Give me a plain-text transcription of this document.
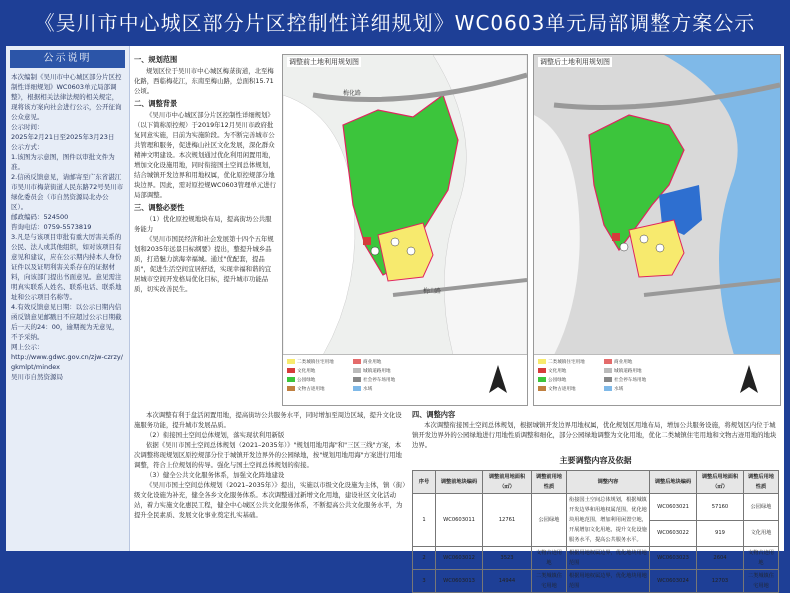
《吴川市中心城区部分片区控制性详细规划》WC0603单元局部调整方案公示
公示说明

本次编制《吴川市中心城区部分片区控制性详细规划》WC0603单元局部调整》，根据相关法律法规的相关规定，现将该方案向社会进行公示，公开征询公众意见。

公示时间：

2025年2月21日至2025年3月23日

公示方式：

1.该图为示意图，图件以审批文件为准。

2.信函反馈意见，请邮寄至广东省湛江市吴川市梅菉街道人民东路72号吴川市绿化委员会（市自然资源局北办公区）。

邮政编码：524500

咨询电话：0759-5573819

3.凡是与该项目审批有重大厉害关系的公民、法人或其他组织，如对该项目有意见和建议，应在公示期内持本人身份证件以及证明利害关系存在的证据材料，向该部门提出书面意见。意见需注明真实联系人姓名、联系电话、联系地址和公示项目名称等。

4.有效反馈意见日期：以公示日期内信函反馈意见邮戳日不应超过公示日期截后一天的24：00，逾期视为无意见，不予采纳。

网上公示：

http://www.gdwc.gov.cn/zjw-czrzy/gkmlpt/mindex

吴川市自然资源局

一、规划范围

规划区位于吴川市中心城区梅菉街道，北至梅化路，西临梅花江，东南至梅山路，总面积15.71公顷。

二、调整背景

《吴川市中心城区部分片区控制性详细规划》（以下简称原控规）于2019年12月吴川市政府批复同意实施，目前为实施阶段。为不断完善城市公共管理和服务，促进梅山社区文化发展，深化群众精神文明建设。本次规划通过优化利用闲置用地，增加文化设施用地，同时衔接国土空间总体规划，结合城镇开发边界和用地权属，优化原控规部分地块边界。因此，需对原控规WC0603管理单元进行局部调整。

三、调整必要性

（1）优化原控规地块布局，提高街坊公共服务能力

《吴川市国民经济和社会发展第十四个五年规划和2035年远景目标纲要》提出，整提升城乡品质，打造魅力滨海幸福城。通过"优配套，提品质"，促进生活空间宜居舒适，实现幸福和谐的宜居城市空间开发格局优化目标，提升城市功能品质，切实改善民生。

调整前土地利用规划图
梅化路
梅山路
二类城镇住宅用地
文化用地
公园绿地
文物古迹用地
商业用地
城镇道路用地
社会停车场用地
水域
调整后土地利用规划图
二类城镇住宅用地
文化用地
公园绿地
文物古迹用地
商业用地
城镇道路用地
社会停车场用地
水域

本次调整有利于盘活闲置用地，提高街坊公共服务水平，同时增加至周边区域，提升文化设施服务功能，提升城市发展品质。

（2）衔接国土空间总体规划，落实现状利用新版

依据《吴川市国土空间总体规划（2021–2035年）》"规划用地用海"和"三区三线"方案，本次调整将现规划区原控规部分位于城镇开发边界外的公园绿地，按"规划用地用海"方案进行用地调整，符合上位规划的传导。强化与国土空间总体规划的衔接。

（3）健全公共文化服务体系，加强文化阵地建设

《吴川市国土空间总体规划（2021–2035年）》提出，实施以市级文化设施为主体，镇（街）级文化设施为补充，健全各乡文化服务体系。本次调整通过新增文化用地，建设社区文化活动站，着力实施文化惠民工程，健全中心城区公共文化服务体系，不断提高公共文化服务水平，为提升全民素质、发展文化事业奠定扎实基础。

四、调整内容

本次调整衔接国土空间总体规划，根据城镇开发边界用地权属，优化规划区用地布局，增加公共服务设施，将规划区内位于城镇开发边界外的公园绿地进行用地性质调整和细化，部分公园绿地调整为文化用地，优化二类城镇住宅用地和文物古迹用地的地块边界。

主要调整内容及依据
序号	调整前地块编码	调整前用地面积（㎡）	调整前用地性质	调整内容	调整后地块编码	调整后用地面积（㎡）	调整后用地性质
1	WC0603011	12761	公园绿地	衔接国土空间总体规划，根据城镇开发边界和用地权属范围，优化地块用地范围，增加利用闲置空地，开展增加文化用地，提升文化设施服务水平，提高公共服务水平。	WC0603021	57160	公园绿地
					WC0603022	919	文化用地
2	WC0603012	3523	文物古迹用地	根据用地权属边界，优化地块用地范围	WC0603023	2604	文物古迹用地
3	WC0603013	14944	二类城镇住宅用地	根据用地权属边界，优化地块用地范围	WC0603024	12703	二类城镇住宅用地
